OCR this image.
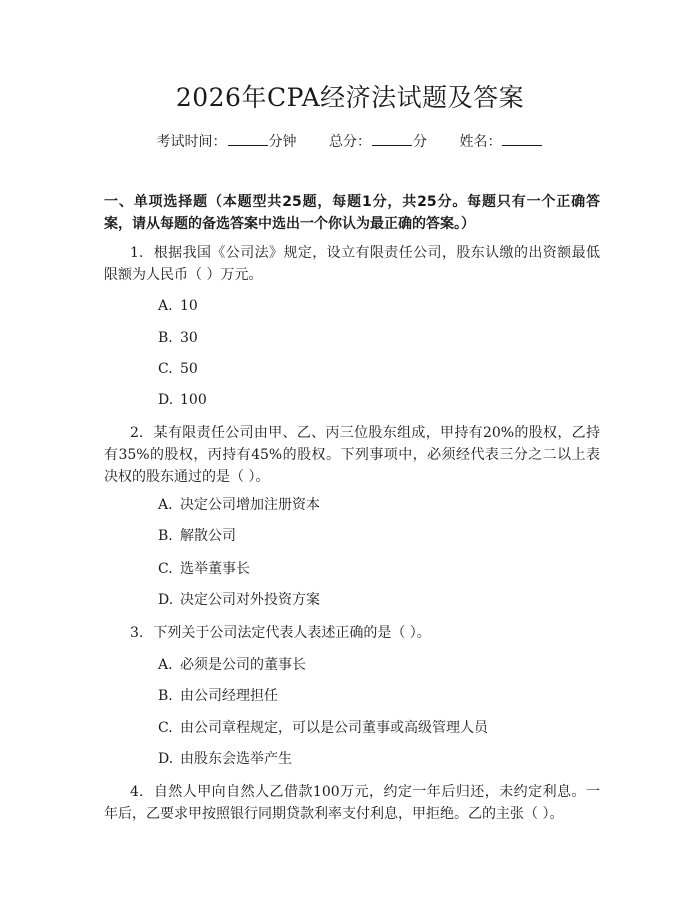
2026年CPA经济法试题及答案
考试时间：	分钟 总分：	分 姓名：
一、单项选择题（本题型共25题，每题1分，共25分。每题只有一个正确答案，请从每题的备选答案中选出一个你认为最正确的答案。）
1. 根据我国《公司法》规定，设立有限责任公司，股东认缴的出资额最低限额为人民币（ ）万元。
A. 10
B. 30
C. 50
D. 100
2. 某有限责任公司由甲、乙、丙三位股东组成，甲持有20%的股权，乙持有35%的股权，丙持有45%的股权。下列事项中，必须经代表三分之二以上表决权的股东通过的是（ ）。
A. 决定公司增加注册资本
B. 解散公司
C. 选举董事长
D. 决定公司对外投资方案
3. 下列关于公司法定代表人表述正确的是（ ）。
A. 必须是公司的董事长
B. 由公司经理担任
C. 由公司章程规定，可以是公司董事或高级管理人员
D. 由股东会选举产生
4. 自然人甲向自然人乙借款100万元，约定一年后归还，未约定利息。一年后，乙要求甲按照银行同期贷款利率支付利息，甲拒绝。乙的主张（ ）。
